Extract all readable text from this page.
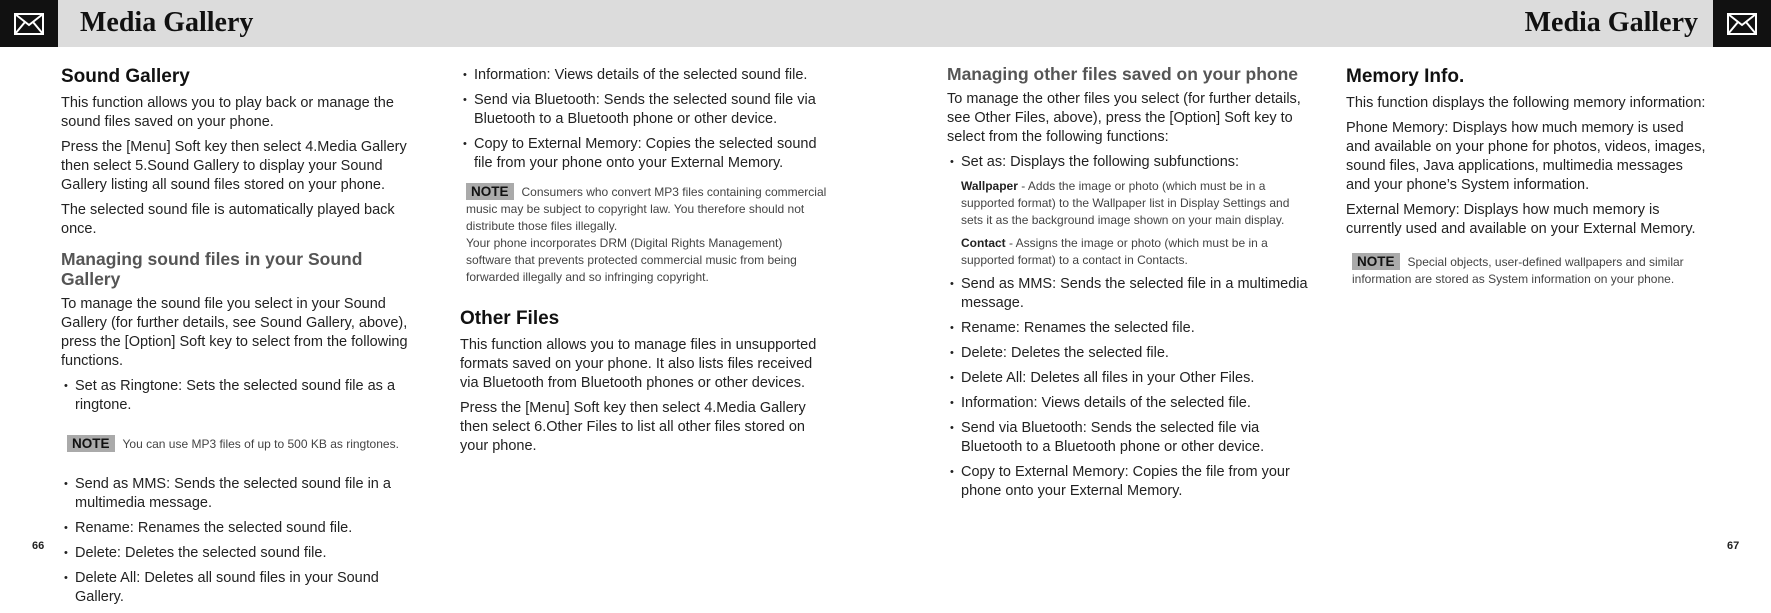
Media Gallery	Media Gallery
Sound Gallery

This function allows you to play back or manage the sound files saved on your phone.

Press the [Menu] Soft key then select 4.Media Gallery then select 5.Sound Gallery to display your Sound Gallery listing all sound files stored on your phone.

The selected sound file is automatically played back once.

Managing sound files in your Sound Gallery

To manage the sound file you select in your Sound Gallery (for further details, see Sound Gallery, above), press the [Option] Soft key to select from the following functions.

• Set as Ringtone: Sets the selected sound file as a ringtone.
NOTE You can use MP3 files of up to 500 KB as ringtones.
• Send as MMS: Sends the selected sound file in a multimedia message.
• Rename: Renames the selected sound file.
• Delete: Deletes the selected sound file.
• Delete All: Deletes all sound files in your Sound Gallery.
• Information: Views details of the selected sound file.
• Send via Bluetooth: Sends the selected sound file via Bluetooth to a Bluetooth phone or other device.
• Copy to External Memory: Copies the selected sound file from your phone onto your External Memory.
NOTE Consumers who convert MP3 files containing commercial music may be subject to copyright law. You therefore should not distribute those files illegally.
Your phone incorporates DRM (Digital Rights Management) software that prevents protected commercial music from being forwarded illegally and so infringing copyright.
Other Files

This function allows you to manage files in unsupported formats saved on your phone. It also lists files received via Bluetooth from Bluetooth phones or other devices.

Press the [Menu] Soft key then select 4.Media Gallery then select 6.Other Files to list all other files stored on your phone.

Managing other files saved on your phone

To manage the other files you select (for further details, see Other Files, above), press the [Option] Soft key to select from the following functions:

• Set as: Displays the following subfunctions:
Wallpaper - Adds the image or photo (which must be in a supported format) to the Wallpaper list in Display Settings and sets it as the background image shown on your main display.
Contact - Assigns the image or photo (which must be in a supported format) to a contact in Contacts.
• Send as MMS: Sends the selected file in a multimedia message.
• Rename: Renames the selected file.
• Delete: Deletes the selected file.
• Delete All: Deletes all files in your Other Files.
• Information: Views details of the selected file.
• Send via Bluetooth: Sends the selected file via Bluetooth to a Bluetooth phone or other device.
• Copy to External Memory: Copies the file from your phone onto your External Memory.
Memory Info.

This function displays the following memory information:

Phone Memory: Displays how much memory is used and available on your phone for photos, videos, images, sound files, Java applications, multimedia messages and your phone’s System information.

External Memory: Displays how much memory is currently used and available on your External Memory.

NOTE Special objects, user-defined wallpapers and similar information are stored as System information on your phone.
66	67
